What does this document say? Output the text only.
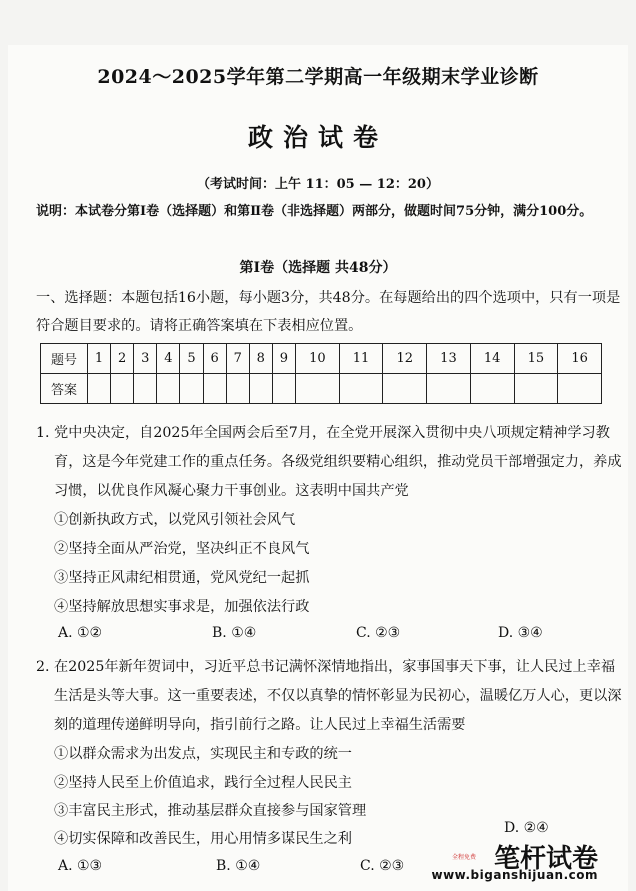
2024～2025学年第二学期高一年级期末学业诊断
政治试卷
（考试时间：上午 11：05 — 12：20）
说明：本试卷分第Ⅰ卷（选择题）和第Ⅱ卷（非选择题）两部分，做题时间75分钟，满分100分。
第Ⅰ卷（选择题 共48分）
一、选择题：本题包括16小题，每小题3分，共48分。在每题给出的四个选项中，只有一项是
符合题目要求的。请将正确答案填在下表相应位置。
题号	1	2	3	4	5	6	7	8	9	10	11	12	13	14	15	16
答案																
1. 党中央决定，自2025年全国两会后至7月，在全党开展深入贯彻中央八项规定精神学习教
育，这是今年党建工作的重点任务。各级党组织要精心组织，推动党员干部增强定力，养成
习惯，以优良作风凝心聚力干事创业。这表明中国共产党
①创新执政方式，以党风引领社会风气
②坚持全面从严治党，坚决纠正不良风气
③坚持正风肃纪相贯通，党风党纪一起抓
④坚持解放思想实事求是，加强依法行政
A. ①②	B. ①④	C. ②③	D. ③④
2. 在2025年新年贺词中，习近平总书记满怀深情地指出，家事国事天下事，让人民过上幸福
生活是头等大事。这一重要表述，不仅以真挚的情怀彰显为民初心，温暖亿万人心，更以深
刻的道理传递鲜明导向，指引前行之路。让人民过上幸福生活需要
①以群众需求为出发点，实现民主和专政的统一
②坚持人民至上价值追求，践行全过程人民民主
③丰富民主形式，推动基层群众直接参与国家管理
④切实保障和改善民生，用心用情多谋民生之利
A. ①③	B. ①④	C. ②③
D. ②④
全程免费 笔杆试卷
www.biganshijuan.com
